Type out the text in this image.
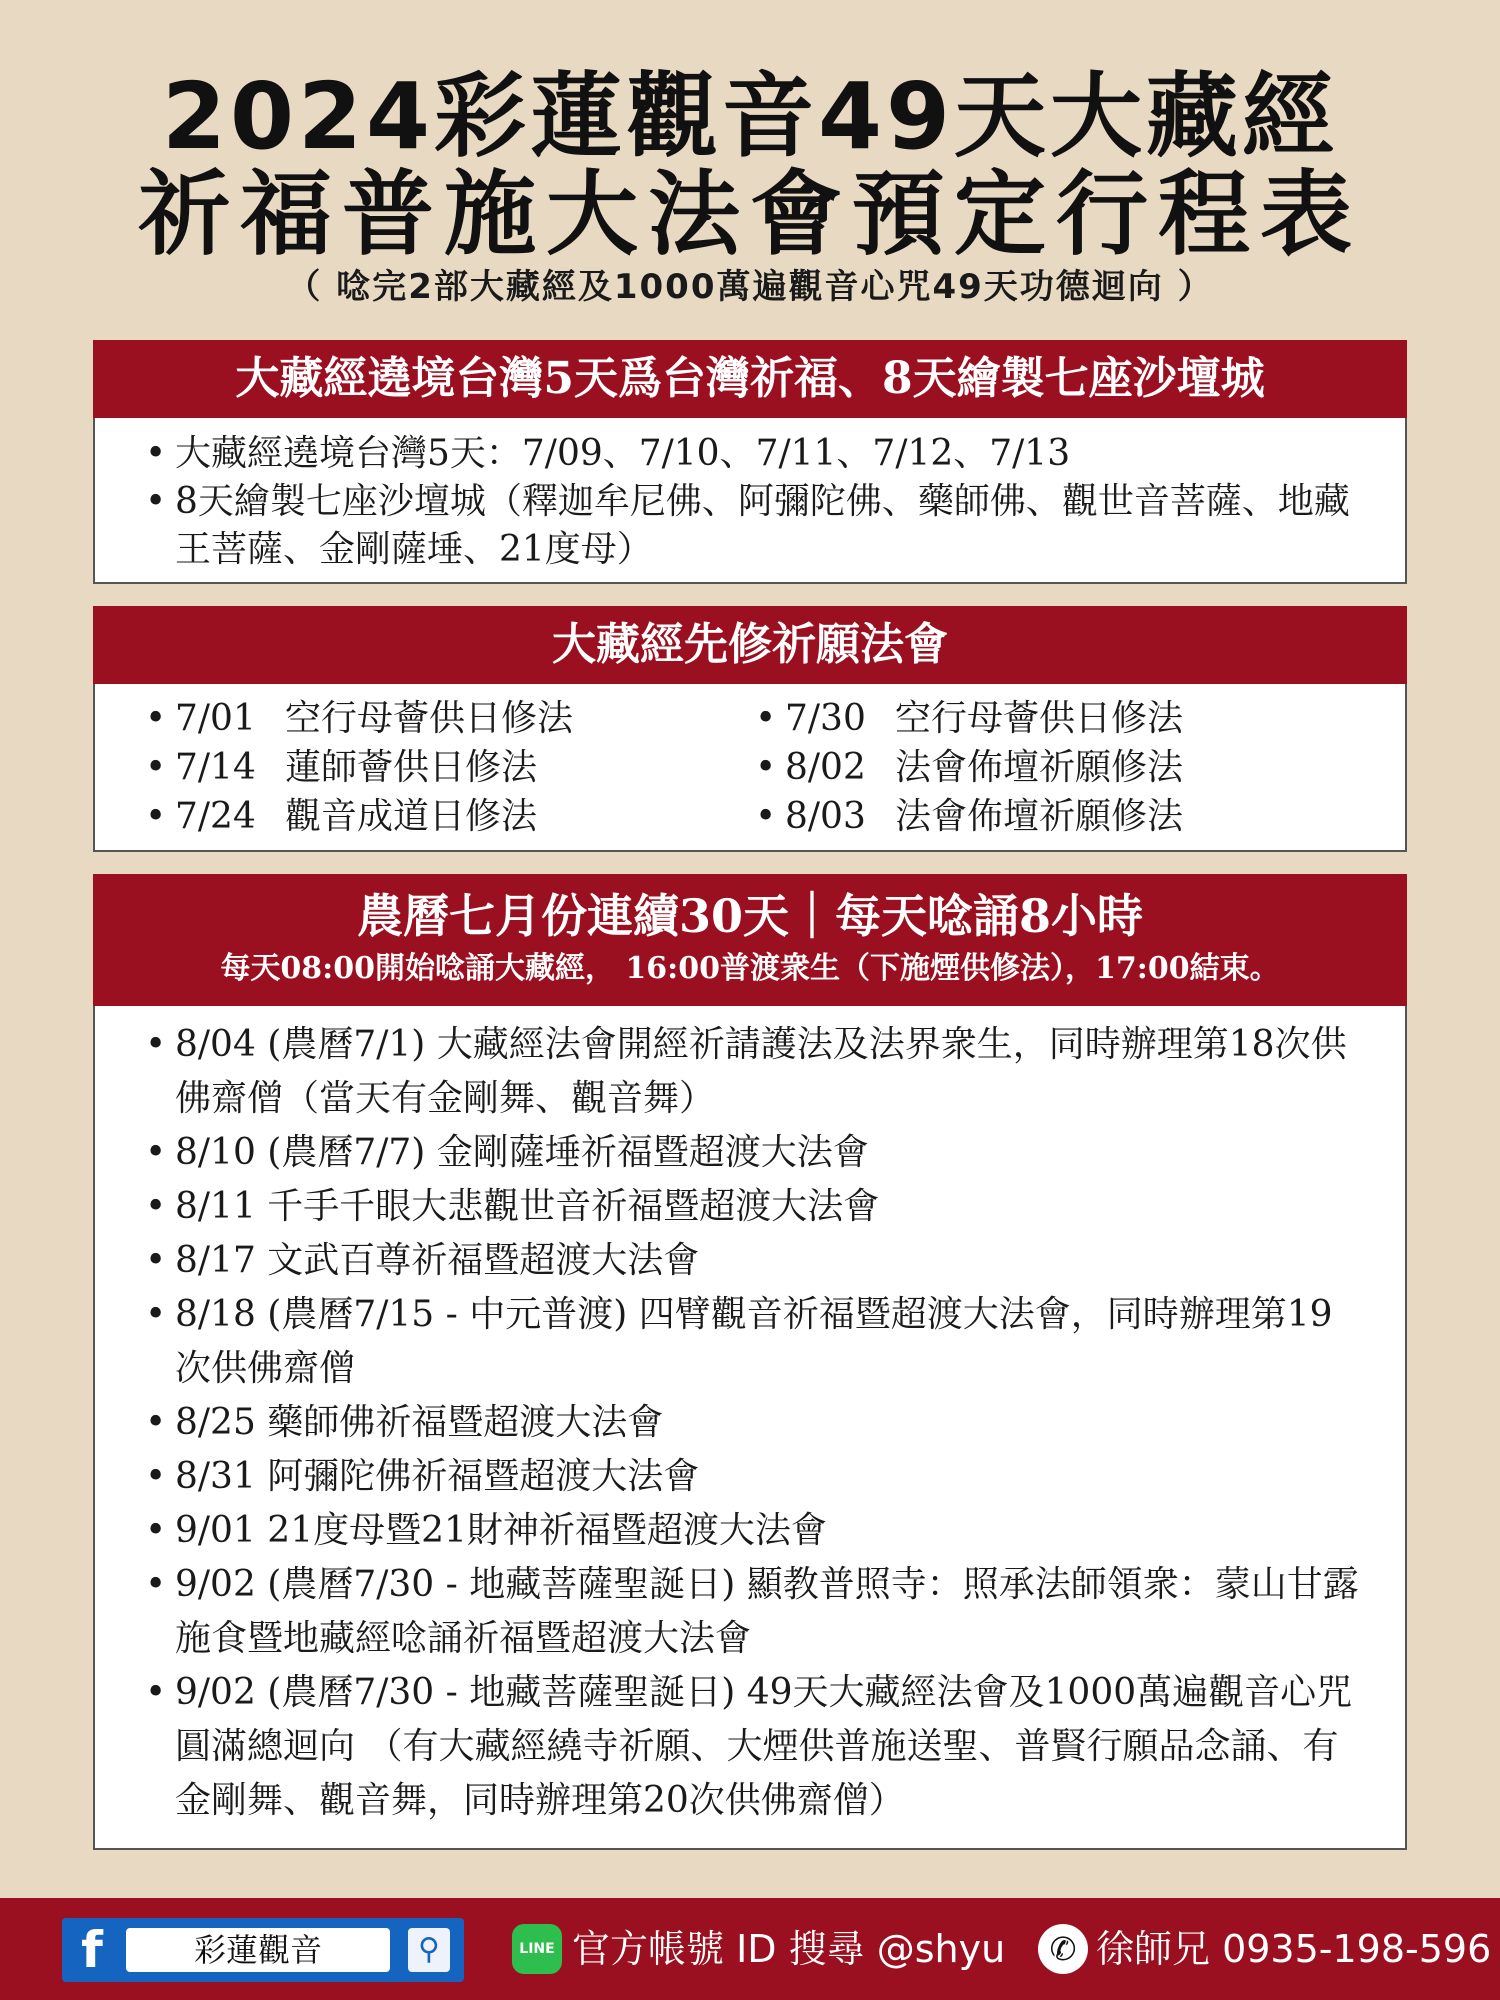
2024彩蓮觀音49天大藏經
祈福普施大法會預定行程表
（ 唸完2部大藏經及1000萬遍觀音心咒49天功德迴向 ）
大藏經遶境台灣5天爲台灣祈福、8天繪製七座沙壇城
• 大藏經遶境台灣5天：7/09、7/10、7/11、7/12、7/13
• 8天繪製七座沙壇城（釋迦牟尼佛、阿彌陀佛、藥師佛、觀世音菩薩、地藏王菩薩、金剛薩埵、21度母）
大藏經先修祈願法會
• 7/01 空行母薈供日修法
• 7/14 蓮師薈供日修法
• 7/24 觀音成道日修法
• 7/30 空行母薈供日修法
• 8/02 法會佈壇祈願修法
• 8/03 法會佈壇祈願修法
農曆七月份連續30天｜每天唸誦8小時
每天08:00開始唸誦大藏經， 16:00普渡衆生（下施煙供修法），17:00結束。
• 8/04 (農曆7/1) 大藏經法會開經祈請護法及法界衆生，同時辦理第18次供佛齋僧（當天有金剛舞、觀音舞）
• 8/10 (農曆7/7) 金剛薩埵祈福暨超渡大法會
• 8/11 千手千眼大悲觀世音祈福暨超渡大法會
• 8/17 文武百尊祈福暨超渡大法會
• 8/18 (農曆7/15 - 中元普渡) 四臂觀音祈福暨超渡大法會，同時辦理第19次供佛齋僧
• 8/25 藥師佛祈福暨超渡大法會
• 8/31 阿彌陀佛祈福暨超渡大法會
• 9/01 21度母暨21財神祈福暨超渡大法會
• 9/02 (農曆7/30 - 地藏菩薩聖誕日) 顯教普照寺：照承法師領衆：蒙山甘露施食暨地藏經唸誦祈福暨超渡大法會
• 9/02 (農曆7/30 - 地藏菩薩聖誕日) 49天大藏經法會及1000萬遍觀音心咒圓滿總迴向 （有大藏經繞寺祈願、大煙供普施送聖、普賢行願品念誦、有金剛舞、觀音舞，同時辦理第20次供佛齋僧）
f	彩蓮觀音	⚲	LINE 官方帳號 ID 搜尋 @shyu	✆ 徐師兄 0935-198-596
